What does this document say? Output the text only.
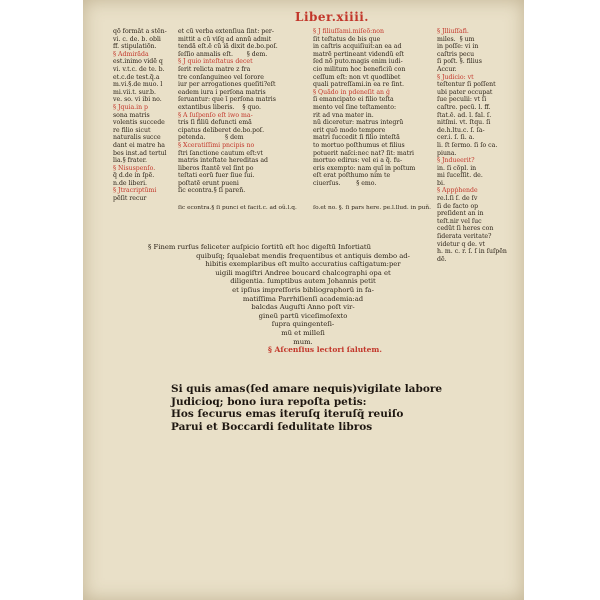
Liber.xiiii.
qõ formāt a stēn-
vi. c. de. b. obli
ff. stipulatiõn.
§ Admirãda
est.inimo vidẽ q
vi. v.t.c. de te. b.
et.c.de test.q̃.a
m.vi.§.de muo. l
mi.vii.t. sur.b.
ve. so. vi ibi no.
§ Jquia.in p
sona matris
volentis succede
re filio sicut
naturalis succe
dant ei matre ha
bes inst.ad tertul
lia.§ frater.
§ Nisuspenſo.
q̃ d.de in ſpẽ.
n.de liberi.
§ Jtracriptũmi
pẽſit recur
et cũ verba extenſiua ſint: per-
mittit a cũ viſq ad annũ admit
tendã eſt.ē cũ iã dixit de.bo.poſ.
ſeſſio anmalis eſt.       § dem.
§ J quio inteſtatus decet
ſerit relicta matre z fra
tre conſanguineo vel ſorore
iur per arrogationes queſiti?eſt
eadem iura i perſona matris
ſeruantur: que ī perſona matris
extantibus liberis.    § quo.
§ A ſuſpenſo eſt iwo ma-
tris ſi filiũ defuncti emã
cipatus deliberet de.bo.poſ.
petenda.          § dem
§ Xceratiſſimi pncipis no
ſtri ſanctione cautum eſt:vt
matris inteſtate hereditas ad
liberos ſtantẽ vel ſint po
teſtati eorũ fuer ſiue ſui.
poſtatẽ erunt pueni
ſic econtra.§ ſi pareñ.
§ J filiuſſami.miſeõ:non
ſit teſtatus de bis que
in caſtris acquiſiuit:an ea ad
matrẽ pertineant videndũ eſt
ſed nõ puto.magis enim iudi-
cio militum hoc beneficiũ con
ceſſum eſt: non vt quodlibet
quali patreſſami.in ea re ſint.
§ Quãdo in pdeneſit an ǵ
ſi emancipato ei filio teſta
mento vel ſine teſtamento:
rit ad vna mater in.
nũ diceretur: matrus integrũ
erit quõ modo tempore
matri ſuccedit ſi filio inteſtã
to mortuo poſthumus et filius
potuerit naſci:nec nat? ſit: matri
mortuo edirus: vel ei a q̃. fu-
eris exempto: nam quĩ in poſtum
eſt erat poſthumo nim te
ciuerſus.        § emo.
§ Jlliuſſafi.
miles.  § um
in poſſe: vi in
caſtris pecu
ſi poſt. §. filius
Accur.
§ Judicio: vt
teſtentur ſi poſſent
ubi pater occupat
ſue peculii: vt ſi
caſtre. pecũ. l. ff.
ſtat.ē. ad. l. fal. ſ.
nitſmi. vt. ſtqu. ſi
de.h.ltu.c. ſ. ſa-
cer.i. ſ. ſi. a.
li. ſt ſermo. ſi ſo ca.
piuna.
§ Jndueerit?
in. ſi cõpl. in
mi ſuceſſit. de.
bi.
§ Appṗhende
re.l.ſi ſ. de ſv
ſi de facto op
preſident an in
teſt.nir vel ſuc
cedũt ſi heres con
ſiderata veritate?
videtur q de. vt
h. m. c. r. ſ. ſ in ſuſpẽn
dẽ.
ſic econtra.§ ſi punci et facit.c. ad oũ.l.q.	ſo.et no. §. ſi pars here. pe.l.llud. in puñ.
§ Finem rurſus feliceter auſpicio ſortitũ eſt hoc digeſtũ Infortiatũ
quibuſq; ſqualebat mendis frequentibus et antiquis dembo ad-
hibitis exemplaribus eſt multo accuratius caſtigatum:per
uigili magiſtri Andree boucard chalcographi opa et
diligentia. ſumptibus autem Johannis petit
et ipſius impreſſoris bibliographorũ in fa-
matiſſima Parrhiſienſi academia:ad
balcdas Auguſti Anno poſt vir-
gineũ partũ viceſimoſexto
ſupra quingenteſi-
mũ et milleſi
mum.
§ Aſcenſius lectori ſalutem.
Si quis amas(ſed amare nequis)vigilate labore
Judicioq; bono iura repoſta petis:
Hos ſecurus emas iteruſq iteruſq̃ reuiſo
Parui et Boccardi ſedulitate libros
